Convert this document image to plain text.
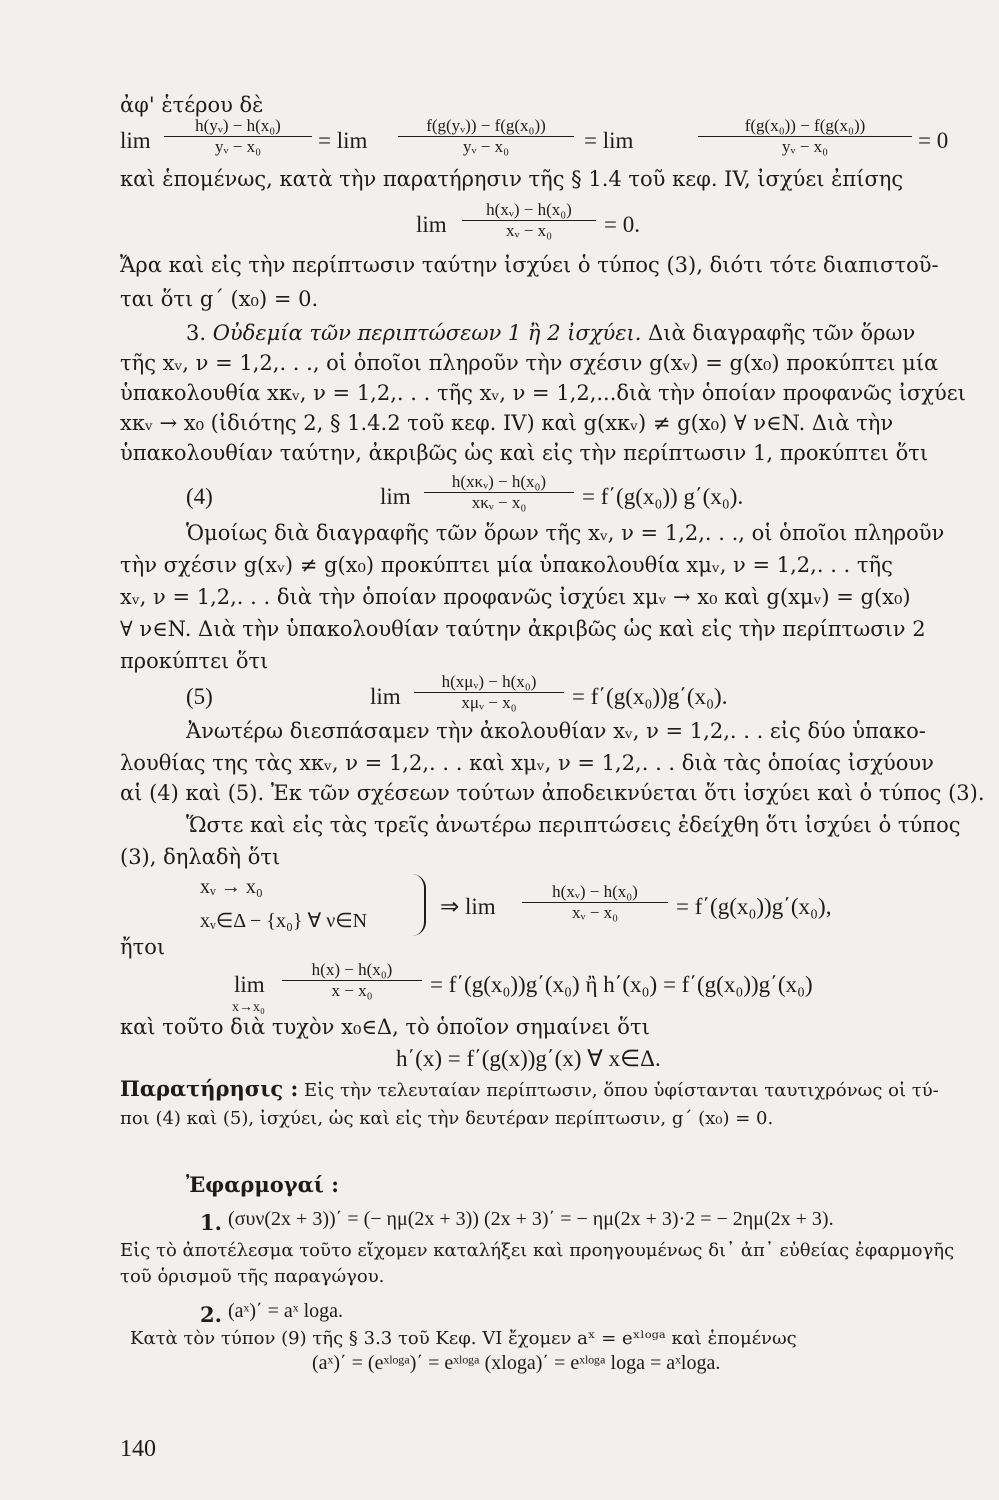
ἀφ' ἑτέρου δὲ
$\lim \frac{\text{h(yᵥ) − h(x₀)}}{\text{yᵥ − x₀}} = \lim \frac{\text{f(g(yᵥ)) − f(g(x₀))}}{\text{yᵥ − x₀}} = \lim$	$\frac{\text{f(g(x₀)) − f(g(x₀))}}{\text{yᵥ − x₀}} = 0$
καὶ ἑπομένως, κατὰ τὴν παρατήρησιν τῆς § 1.4 τοῦ κεφ. IV, ἰσχύει ἐπίσης
$\lim \frac{\text{h(xᵥ) − h(x₀)}}{\text{xᵥ − x₀}} = 0$.
Ἄρα καὶ εἰς τὴν περίπτωσιν ταύτην ἰσχύει ὁ τύπος (3), διότι τότε διαπιστοῦ-
ται ὅτι g΄ (x₀) = 0.
3. Οὐδεμία τῶν περιπτώσεων 1 ἢ 2 ἰσχύει. Διὰ διαγραφῆς τῶν ὅρων
τῆς xᵥ, ν = 1,2,. . ., οἱ ὁποῖοι πληροῦν τὴν σχέσιν g(xᵥ) = g(x₀) προκύπτει μία
ὑπακολουθία xκᵥ, ν = 1,2,. . . τῆς xᵥ, ν = 1,2,...διὰ τὴν ὁποίαν προφανῶς ἰσχύει
xκᵥ → x₀ (ἰδιότης 2, § 1.4.2 τοῦ κεφ. IV) καὶ g(xκᵥ) ≠ g(x₀) ∀ ν∈N. Διὰ τὴν
ὑπακολουθίαν ταύτην, ἀκριβῶς ὡς καὶ εἰς τὴν περίπτωσιν 1, προκύπτει ὅτι
(4)	lim
h(xκᵥ) − h(x₀)
xκᵥ − x₀	= f΄(g(x₀)) g΄(x₀).
Ὁμοίως διὰ διαγραφῆς τῶν ὅρων τῆς xᵥ, ν = 1,2,. . ., οἱ ὁποῖοι πληροῦν
τὴν σχέσιν g(xᵥ) ≠ g(x₀) προκύπτει μία ὑπακολουθία xμᵥ, ν = 1,2,. . . τῆς
xᵥ, ν = 1,2,. . . διὰ τὴν ὁποίαν προφανῶς ἰσχύει xμᵥ → x₀ καὶ g(xμᵥ) = g(x₀)
∀ ν∈N. Διὰ τὴν ὑπακολουθίαν ταύτην ἀκριβῶς ὡς καὶ εἰς τὴν περίπτωσιν 2
προκύπτει ὅτι
(5)	lim
h(xμᵥ) − h(x₀)
xμᵥ − x₀	= f΄(g(x₀))g΄(x₀).
Ἀνωτέρω διεσπάσαμεν τὴν ἀκολουθίαν xᵥ, ν = 1,2,. . . εἰς δύο ὑπακο-
λουθίας της τὰς xκᵥ, ν = 1,2,. . . καὶ xμᵥ, ν = 1,2,. . . διὰ τὰς ὁποίας ἰσχύουν
αἱ (4) καὶ (5). Ἐκ τῶν σχέσεων τούτων ἀποδεικνύεται ὅτι ἰσχύει καὶ ὁ τύπος (3).
Ὥστε καὶ εἰς τὰς τρεῖς ἀνωτέρω περιπτώσεις ἐδείχθη ὅτι ἰσχύει ὁ τύπος
(3), δηλαδὴ ὅτι
xᵥ → x₀
xᵥ∈Δ − {x₀} ∀ ν∈N
⇒ $\lim \frac{\text{h(xᵥ) − h(x₀)}}{\text{xᵥ − x₀}} = f΄(g(x_0))g΄(x_0)$,
ἤτοι
lim
x→x₀
$\frac{\text{h(x) − h(x₀)}}{\text{x − x₀}} = f΄(g(x_0))g΄(x_0)$ ἢ h΄(x₀) = f΄(g(x₀))g΄(x₀)
καὶ τοῦτο διὰ τυχὸν x₀∈Δ, τὸ ὁποῖον σημαίνει ὅτι
h΄(x) = f΄(g(x))g΄(x) ∀ x∈Δ.
Παρατήρησις : Εἰς τὴν τελευταίαν περίπτωσιν, ὅπου ὑφίστανται ταυτιχρόνως οἱ τύ-
ποι (4) καὶ (5), ἰσχύει, ὡς καὶ εἰς τὴν δευτέραν περίπτωσιν, g΄ (x₀) = 0.
Ἐφαρμογαί :
1. (συν(2x + 3))΄ = (− ημ(2x + 3)) (2x + 3)΄ = − ημ(2x + 3)·2 = − 2ημ(2x + 3).
Εἰς τὸ ἀποτέλεσμα τοῦτο εἴχομεν καταλήξει καὶ προηγουμένως δι᾽ ἀπ᾽ εὐθείας ἐφαρμογῆς
τοῦ ὁρισμοῦ τῆς παραγώγου.
2. (aˣ)΄ = aˣ loga.
Κατὰ τὸν τύπον (9) τῆς § 3.3 τοῦ Κεφ. VI ἔχομεν aˣ = eˣˡᵒᵍᵃ καὶ ἑπομένως
(aˣ)΄ = (eˣˡᵒᵍᵃ)΄ = eˣˡᵒᵍᵃ (xloga)΄ = eˣˡᵒᵍᵃ loga = aˣloga.
140
